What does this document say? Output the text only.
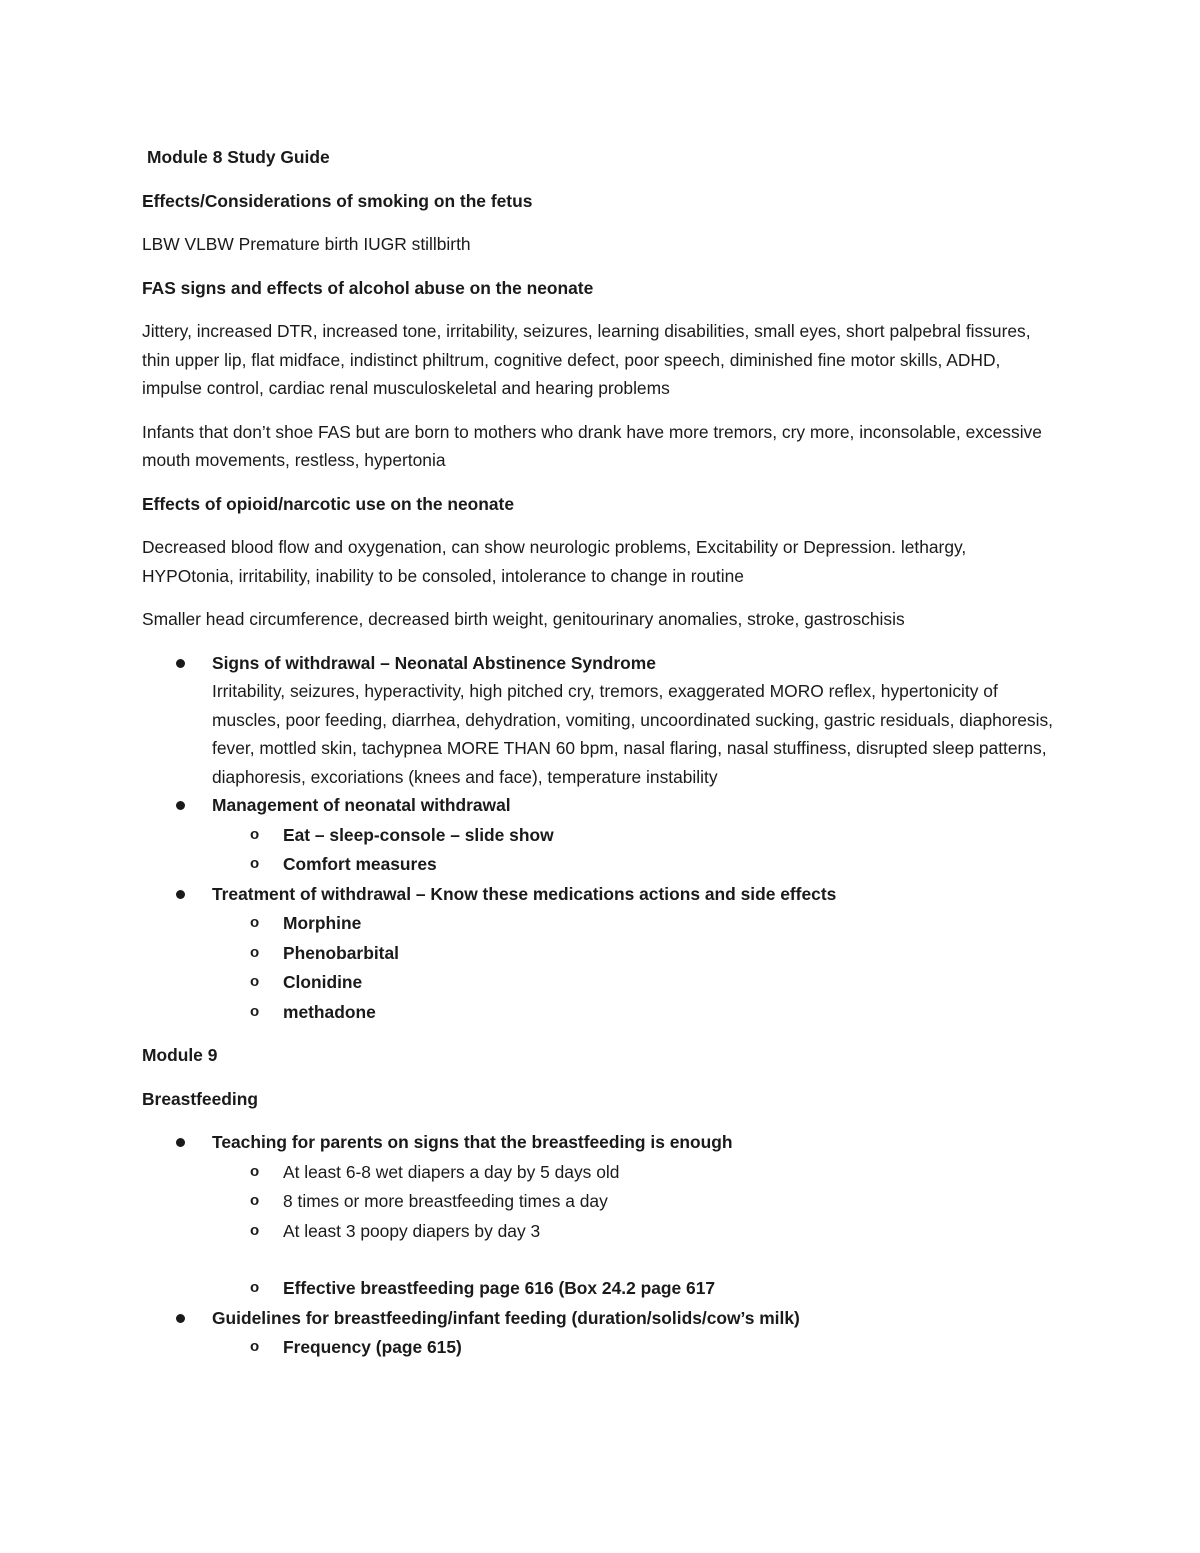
Module 8 Study Guide

Effects/Considerations of smoking on the fetus

LBW VLBW Premature birth IUGR stillbirth

FAS signs and effects of alcohol abuse on the neonate

Jittery, increased DTR, increased tone, irritability, seizures, learning disabilities, small eyes, short palpebral fissures, thin upper lip, flat midface, indistinct philtrum, cognitive defect, poor speech, diminished fine motor skills, ADHD, impulse control, cardiac renal musculoskeletal and hearing problems

Infants that don’t shoe FAS but are born to mothers who drank have more tremors, cry more, inconsolable, excessive mouth movements, restless, hypertonia

Effects of opioid/narcotic use on the neonate

Decreased blood flow and oxygenation, can show neurologic problems, Excitability or Depression. lethargy, HYPOtonia, irritability, inability to be consoled, intolerance to change in routine

Smaller head circumference, decreased birth weight, genitourinary anomalies, stroke, gastroschisis

Signs of withdrawal – Neonatal Abstinence Syndrome
Irritability, seizures, hyperactivity, high pitched cry, tremors, exaggerated MORO reflex, hypertonicity of muscles, poor feeding, diarrhea, dehydration, vomiting, uncoordinated sucking, gastric residuals, diaphoresis, fever, mottled skin, tachypnea MORE THAN 60 bpm, nasal flaring, nasal stuffiness, disrupted sleep patterns, diaphoresis, excoriations (knees and face), temperature instability
Management of neonatal withdrawal
o Eat – sleep-console – slide show
o Comfort measures
Treatment of withdrawal – Know these medications actions and side effects
o Morphine
o Phenobarbital
o Clonidine
o methadone

Module 9

Breastfeeding

Teaching for parents on signs that the breastfeeding is enough
o At least 6-8 wet diapers a day by 5 days old
o 8 times or more breastfeeding times a day
o At least 3 poopy diapers by day 3
o Effective breastfeeding page 616 (Box 24.2 page 617
Guidelines for breastfeeding/infant feeding (duration/solids/cow’s milk)
o Frequency (page 615)
